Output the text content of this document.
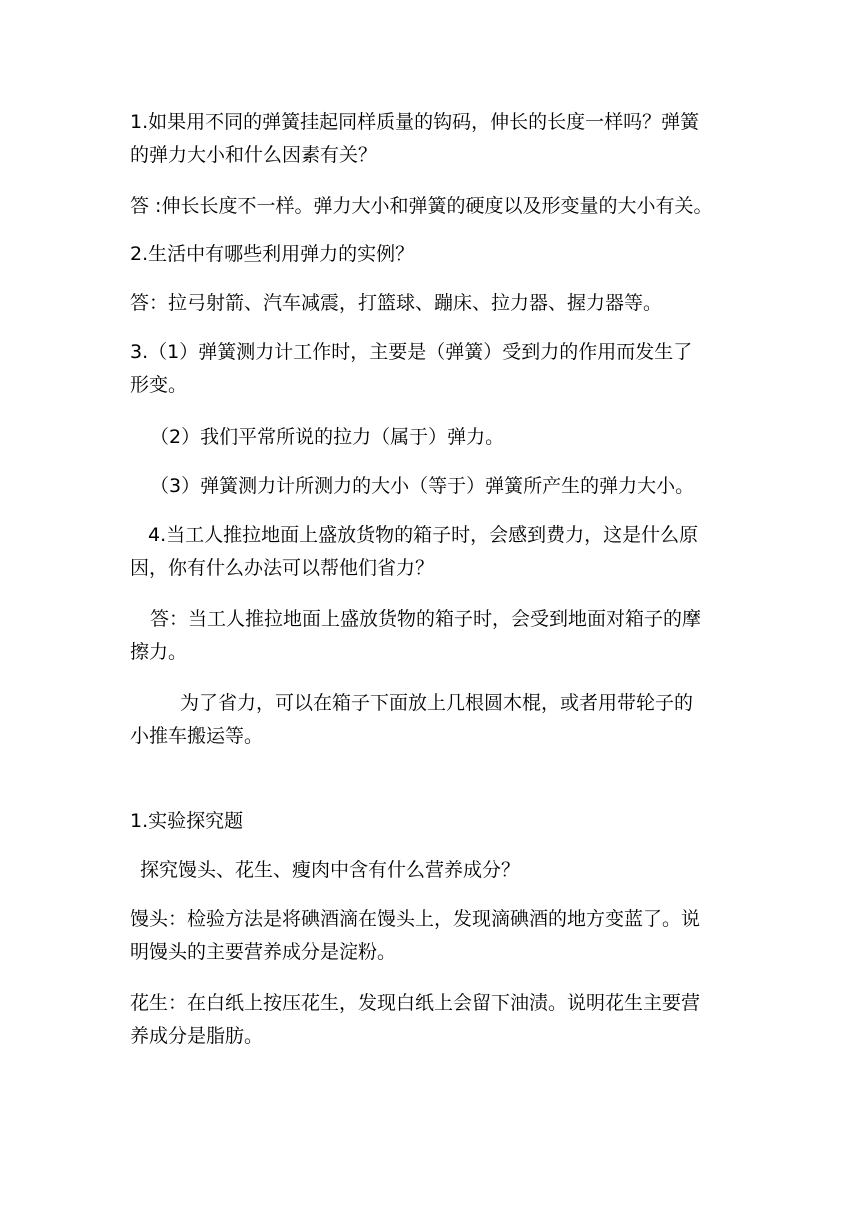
1.如果用不同的弹簧挂起同样质量的钩码，伸长的长度一样吗？弹簧
的弹力大小和什么因素有关？
答 :伸长长度不一样。弹力大小和弹簧的硬度以及形变量的大小有关。
2.生活中有哪些利用弹力的实例？
答：拉弓射箭、汽车减震，打篮球、蹦床、拉力器、握力器等。
3.（1）弹簧测力计工作时，主要是（弹簧）受到力的作用而发生了
形变。
（2）我们平常所说的拉力（属于）弹力。
（3）弹簧测力计所测力的大小（等于）弹簧所产生的弹力大小。
4.当工人推拉地面上盛放货物的箱子时，会感到费力，这是什么原
因，你有什么办法可以帮他们省力？
答：当工人推拉地面上盛放货物的箱子时，会受到地面对箱子的摩
擦力。
为了省力，可以在箱子下面放上几根圆木棍，或者用带轮子的
小推车搬运等。
1.实验探究题
探究馒头、花生、瘦肉中含有什么营养成分？
馒头：检验方法是将碘酒滴在馒头上，发现滴碘酒的地方变蓝了。说
明馒头的主要营养成分是淀粉。
花生：在白纸上按压花生，发现白纸上会留下油渍。说明花生主要营
养成分是脂肪。
